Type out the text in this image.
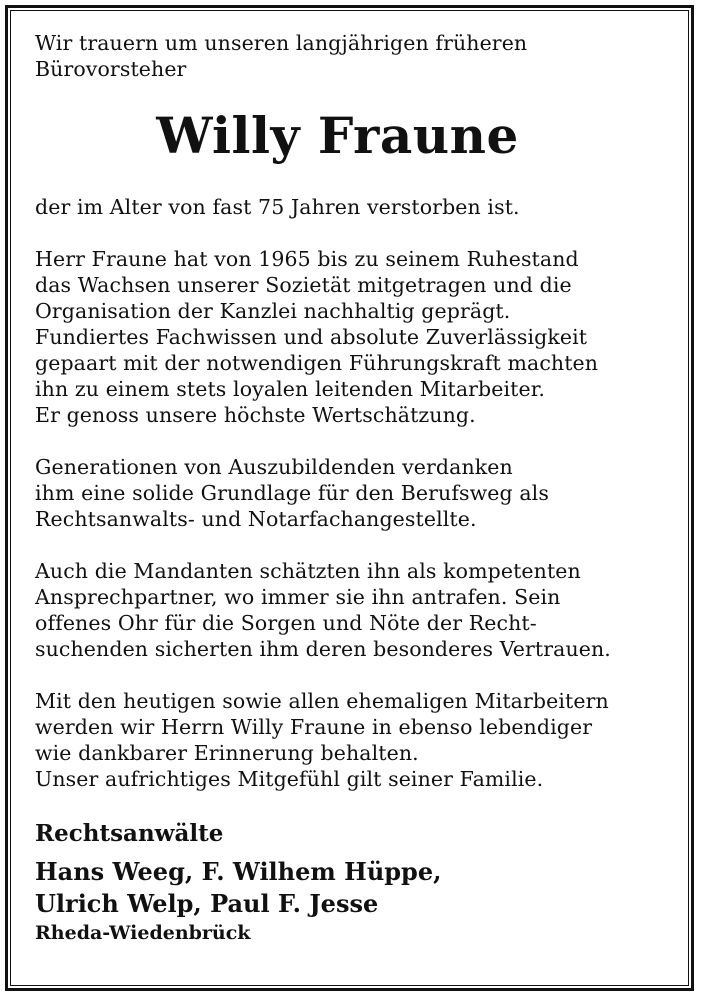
Wir trauern um unseren langjährigen früheren
Bürovorsteher
Willy Fraune
der im Alter von fast 75 Jahren verstorben ist.
Herr Fraune hat von 1965 bis zu seinem Ruhestand
das Wachsen unserer Sozietät mitgetragen und die
Organisation der Kanzlei nachhaltig geprägt.
Fundiertes Fachwissen und absolute Zuverlässigkeit
gepaart mit der notwendigen Führungskraft machten
ihn zu einem stets loyalen leitenden Mitarbeiter.
Er genoss unsere höchste Wertschätzung.
Generationen von Auszubildenden verdanken
ihm eine solide Grundlage für den Berufsweg als
Rechtsanwalts- und Notarfachangestellte.
Auch die Mandanten schätzten ihn als kompetenten
Ansprechpartner, wo immer sie ihn antrafen. Sein
offenes Ohr für die Sorgen und Nöte der Recht-
suchenden sicherten ihm deren besonderes Vertrauen.
Mit den heutigen sowie allen ehemaligen Mitarbeitern
werden wir Herrn Willy Fraune in ebenso lebendiger
wie dankbarer Erinnerung behalten.
Unser aufrichtiges Mitgefühl gilt seiner Familie.
Rechtsanwälte
Hans Weeg, F. Wilhem Hüppe,
Ulrich Welp, Paul F. Jesse
Rheda-Wiedenbrück
